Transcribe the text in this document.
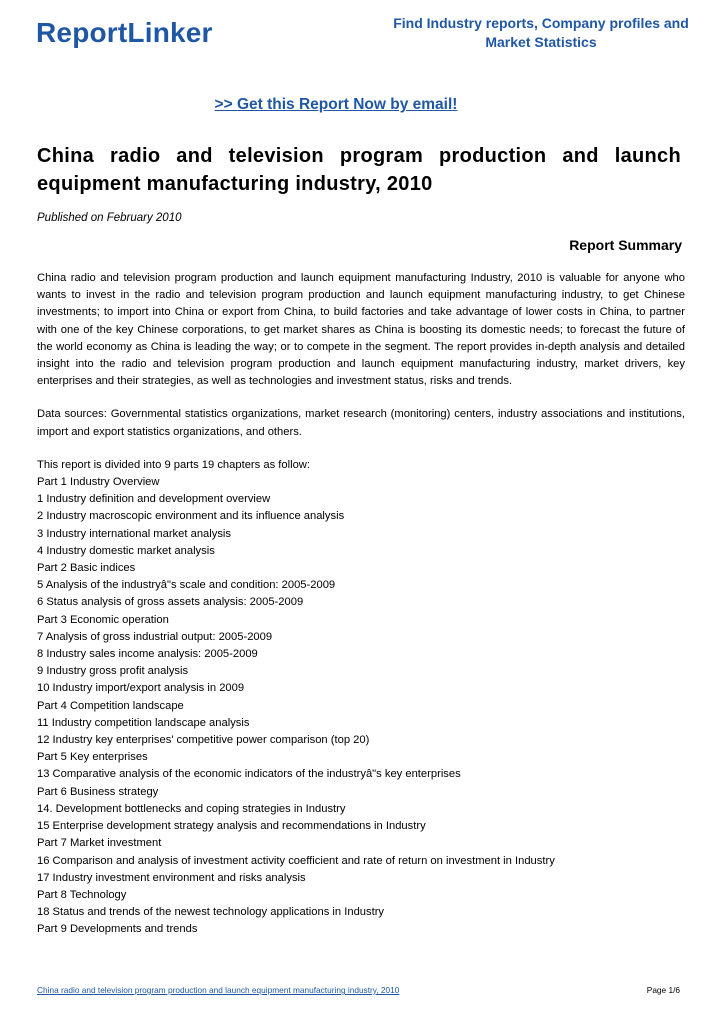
ReportLinker	Find Industry reports, Company profiles and Market Statistics
>> Get this Report Now by email!
China radio and television program production and launch equipment manufacturing industry, 2010
Published on February 2010
Report Summary

China radio and television program production and launch equipment manufacturing Industry, 2010 is valuable for anyone who wants to invest in the radio and television program production and launch equipment manufacturing industry, to get Chinese investments; to import into China or export from China, to build factories and take advantage of lower costs in China, to partner with one of the key Chinese corporations, to get market shares as China is boosting its domestic needs; to forecast the future of the world economy as China is leading the way; or to compete in the segment. The report provides in-depth analysis and detailed insight into the radio and television program production and launch equipment manufacturing industry, market drivers, key enterprises and their strategies, as well as technologies and investment status, risks and trends.

Data sources: Governmental statistics organizations, market research (monitoring) centers, industry associations and institutions, import and export statistics organizations, and others.

This report is divided into 9 parts 19 chapters as follow:

Part 1 Industry Overview
1 Industry definition and development overview
2 Industry macroscopic environment and its influence analysis
3 Industry international market analysis
4 Industry domestic market analysis
Part 2 Basic indices
5 Analysis of the industryâ"s scale and condition: 2005-2009
6 Status analysis of gross assets analysis: 2005-2009
Part 3 Economic operation
7 Analysis of gross industrial output: 2005-2009
8 Industry sales income analysis: 2005-2009
9 Industry gross profit analysis
10 Industry import/export analysis in 2009
Part 4 Competition landscape
11 Industry competition landscape analysis
12 Industry key enterprises' competitive power comparison (top 20)
Part 5 Key enterprises
13 Comparative analysis of the economic indicators of the industryâ"s key enterprises
Part 6 Business strategy
14. Development bottlenecks and coping strategies in Industry
15 Enterprise development strategy analysis and recommendations in Industry
Part 7 Market investment
16 Comparison and analysis of investment activity coefficient and rate of return on investment in Industry
17 Industry investment environment and risks analysis
Part 8 Technology
18 Status and trends of the newest technology applications in Industry
Part 9 Developments and trends
China radio and television program production and launch equipment manufacturing industry, 2010	Page 1/6
